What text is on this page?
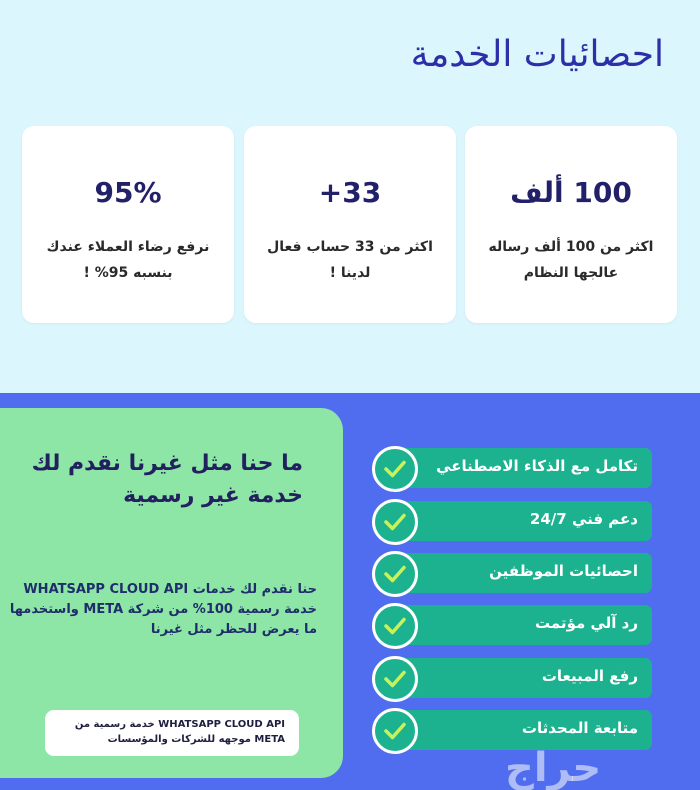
احصائيات الخدمة
100 ألف
اكثر من 100 ألف رساله عالجها النظام
33+
اكثر من 33 حساب فعال لدينا !
95%
نرفع رضاء العملاء عندك بنسبه 95% !
ما حنا مثل غيرنا نقدم لك خدمة غير رسمية
حنا نقدم لك خدمات WHATSAPP CLOUD API خدمة رسمية 100% من شركة META واستخدمها ما يعرض للحظر مثل غيرنا
WHATSAPP CLOUD API خدمة رسمية من META موجهه للشركات والمؤسسات
تكامل مع الذكاء الاصطناعي
دعم فني 24/7
احصائيات الموظفين
رد آلي مؤتمت
رفع المبيعات
متابعة المحدثات
حراج
